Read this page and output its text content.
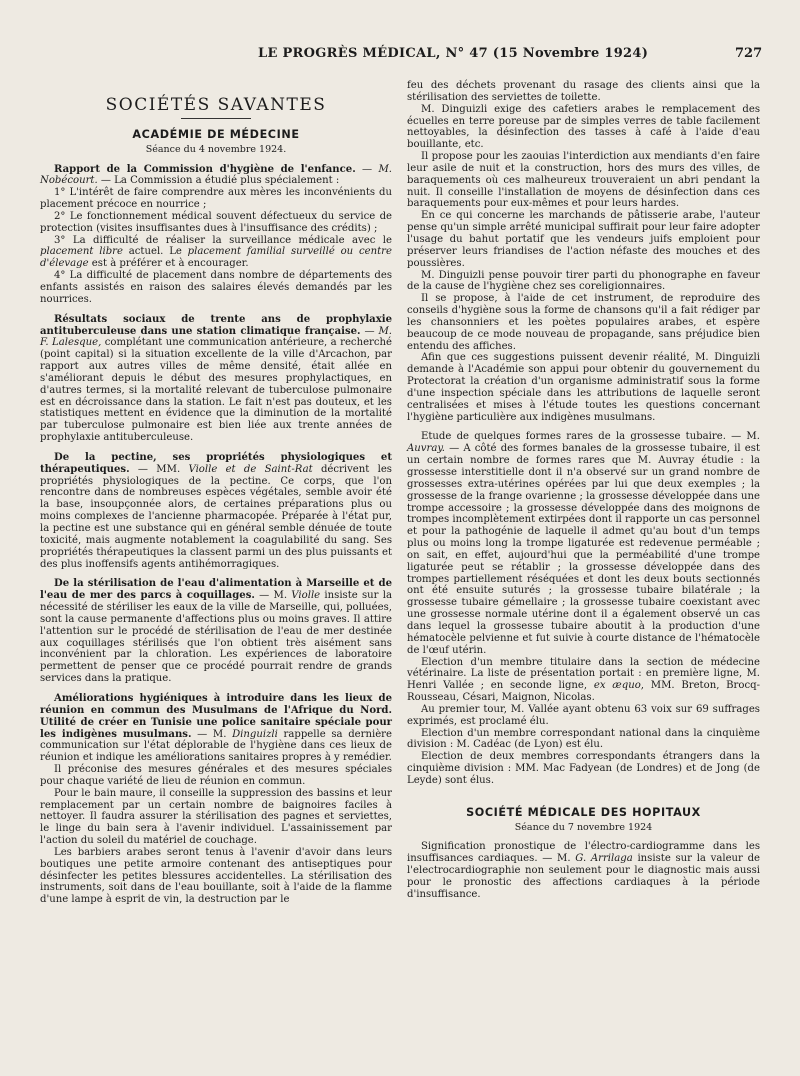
LE PROGRÈS MÉDICAL, N° 47 (15 Novembre 1924)	727
SOCIÉTÉS SAVANTES
ACADÉMIE DE MÉDECINE
Séance du 4 novembre 1924.

Rapport de la Commission d'hygiène de l'enfance. — M. Nobécourt. — La Commission a étudié plus spécialement :

1° L'intérêt de faire comprendre aux mères les inconvénients du placement précoce en nourrice ;

2° Le fonctionnement médical souvent défectueux du service de protection (visites insuffisantes dues à l'insuffisance des crédits) ;

3° La difficulté de réaliser la surveillance médicale avec le placement libre actuel. Le placement familial surveillé ou centre d'élevage est à préférer et à encourager.

4° La difficulté de placement dans nombre de départements des enfants assistés en raison des salaires élevés demandés par les nourrices.

Résultats sociaux de trente ans de prophylaxie antituberculeuse dans une station climatique française. — M. F. Lalesque, complétant une communication antérieure, a recherché (point capital) si la situation excellente de la ville d'Arcachon, par rapport aux autres villes de même densité, était allée en s'améliorant depuis le début des mesures prophylactiques, en d'autres termes, si la mortalité relevant de tuberculose pulmonaire est en décroissance dans la station. Le fait n'est pas douteux, et les statistiques mettent en évidence que la diminution de la mortalité par tuberculose pulmonaire est bien liée aux trente années de prophylaxie antituberculeuse.

De la pectine, ses propriétés physiologiques et thérapeutiques. — MM. Violle et de Saint-Rat décrivent les propriétés physiologiques de la pectine. Ce corps, que l'on rencontre dans de nombreuses espèces végétales, semble avoir été la base, insoupçonnée alors, de certaines préparations plus ou moins complexes de l'ancienne pharmacopée. Préparée à l'état pur, la pectine est une substance qui en général semble dénuée de toute toxicité, mais augmente notablement la coagulabilité du sang. Ses propriétés thérapeutiques la classent parmi un des plus puissants et des plus inoffensifs agents antihémorragiques.

De la stérilisation de l'eau d'alimentation à Marseille et de l'eau de mer des parcs à coquillages. — M. Violle insiste sur la nécessité de stériliser les eaux de la ville de Marseille, qui, polluées, sont la cause permanente d'affections plus ou moins graves. Il attire l'attention sur le procédé de stérilisation de l'eau de mer destinée aux coquillages stérilisés que l'on obtient très aisément sans inconvénient par la chloration. Les expériences de laboratoire permettent de penser que ce procédé pourrait rendre de grands services dans la pratique.

Améliorations hygiéniques à introduire dans les lieux de réunion en commun des Musulmans de l'Afrique du Nord. Utilité de créer en Tunisie une police sanitaire spéciale pour les indigènes musulmans. — M. Dinguizli rappelle sa dernière communication sur l'état déplorable de l'hygiène dans ces lieux de réunion et indique les améliorations sanitaires propres à y remédier.

Il préconise des mesures générales et des mesures spéciales pour chaque variété de lieu de réunion en commun.

Pour le bain maure, il conseille la suppression des bassins et leur remplacement par un certain nombre de baignoires faciles à nettoyer. Il faudra assurer la stérilisation des pagnes et serviettes, le linge du bain sera à l'avenir individuel. L'assainissement par l'action du soleil du matériel de couchage.

Les barbiers arabes seront tenus à l'avenir d'avoir dans leurs boutiques une petite armoire contenant des antiseptiques pour désinfecter les petites blessures accidentelles. La stérilisation des instruments, soit dans de l'eau bouillante, soit à l'aide de la flamme d'une lampe à esprit de vin, la destruction par le

feu des déchets provenant du rasage des clients ainsi que la stérilisation des serviettes de toilette.

M. Dinguizli exige des cafetiers arabes le remplacement des écuelles en terre poreuse par de simples verres de table facilement nettoyables, la désinfection des tasses à café à l'aide d'eau bouillante, etc.

Il propose pour les zaouias l'interdiction aux mendiants d'en faire leur asile de nuit et la construction, hors des murs des villes, de baraquements où ces malheureux trouveraient un abri pendant la nuit. Il conseille l'installation de moyens de désinfection dans ces baraquements pour eux-mêmes et pour leurs hardes.

En ce qui concerne les marchands de pâtisserie arabe, l'auteur pense qu'un simple arrêté municipal suffirait pour leur faire adopter l'usage du bahut portatif que les vendeurs juifs emploient pour préserver leurs friandises de l'action néfaste des mouches et des poussières.

M. Dinguizli pense pouvoir tirer parti du phonographe en faveur de la cause de l'hygiène chez ses coreligionnaires.

Il se propose, à l'aide de cet instrument, de reproduire des conseils d'hygiène sous la forme de chansons qu'il a fait rédiger par les chansonniers et les poètes populaires arabes, et espère beaucoup de ce mode nouveau de propagande, sans préjudice bien entendu des affiches.

Afin que ces suggestions puissent devenir réalité, M. Dinguizli demande à l'Académie son appui pour obtenir du gouvernement du Protectorat la création d'un organisme administratif sous la forme d'une inspection spéciale dans les attributions de laquelle seront centralisées et mises à l'étude toutes les questions concernant l'hygiène particulière aux indigènes musulmans.

Etude de quelques formes rares de la grossesse tubaire. — M. Auvray. — A côté des formes banales de la grossesse tubaire, il est un certain nombre de formes rares que M. Auvray étudie : la grossesse interstitielle dont il n'a observé sur un grand nombre de grossesses extra-utérines opérées par lui que deux exemples ; la grossesse de la frange ovarienne ; la grossesse développée dans une trompe accessoire ; la grossesse développée dans des moignons de trompes incomplètement extirpées dont il rapporte un cas personnel et pour la pathogénie de laquelle il admet qu'au bout d'un temps plus ou moins long la trompe ligaturée est redevenue perméable ; on sait, en effet, aujourd'hui que la perméabilité d'une trompe ligaturée peut se rétablir ; la grossesse développée dans des trompes partiellement réséquées et dont les deux bouts sectionnés ont été ensuite suturés ; la grossesse tubaire bilatérale ; la grossesse tubaire gémellaire ; la grossesse tubaire coexistant avec une grossesse normale utérine dont il a également observé un cas dans lequel la grossesse tubaire aboutit à la production d'une hématocèle pelvienne et fut suivie à courte distance de l'hématocèle de l'œuf utérin.

Election d'un membre titulaire dans la section de médecine vétérinaire. La liste de présentation portait : en première ligne, M. Henri Vallée ; en seconde ligne, ex æquo, MM. Breton, Brocq-Rousseau, Césari, Maignon, Nicolas.

Au premier tour, M. Vallée ayant obtenu 63 voix sur 69 suffrages exprimés, est proclamé élu.

Election d'un membre correspondant national dans la cinquième division : M. Cadéac (de Lyon) est élu.

Election de deux membres correspondants étrangers dans la cinquième division : MM. Mac Fadyean (de Londres) et de Jong (de Leyde) sont élus.

SOCIÉTÉ MÉDICALE DES HOPITAUX
Séance du 7 novembre 1924

Signification pronostique de l'électro-cardiogramme dans les insuffisances cardiaques. — M. G. Arrilaga insiste sur la valeur de l'electrocardiographie non seulement pour le diagnostic mais aussi pour le pronostic des affections cardiaques à la période d'insuffisance.
